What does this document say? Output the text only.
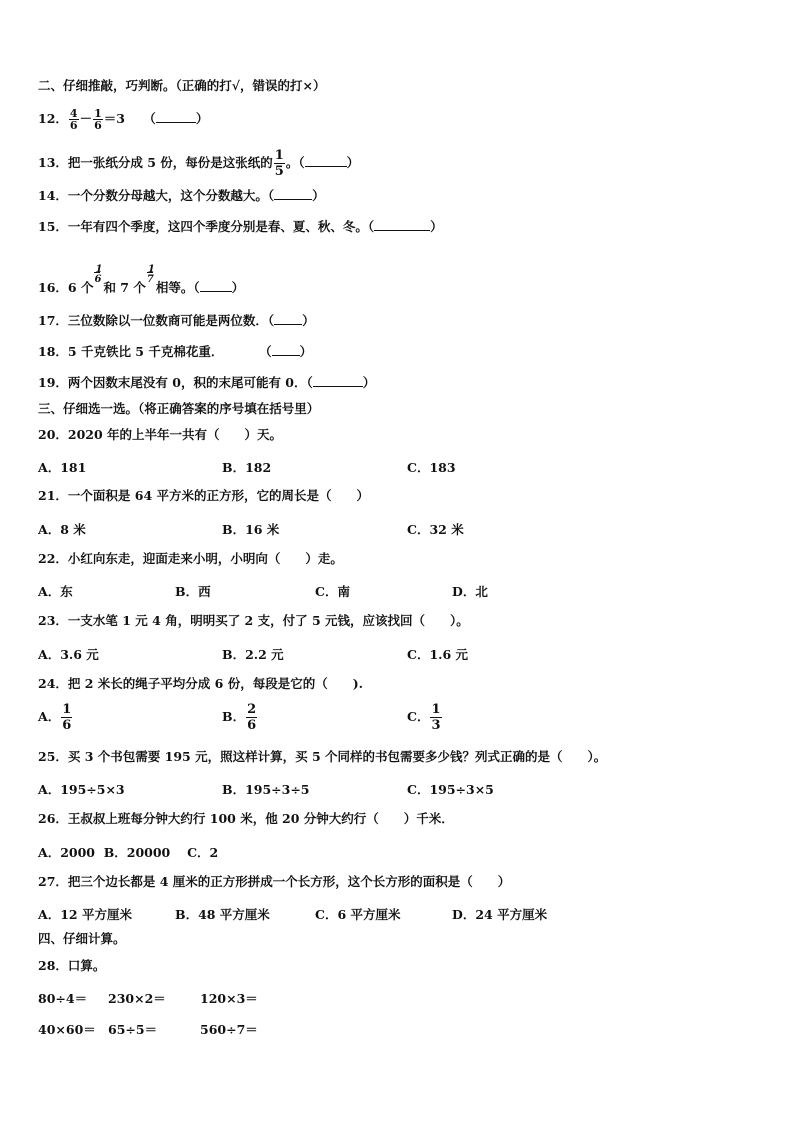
二、仔细推敲，巧判断。（正确的打√，错误的打×）
12． $\frac{4}{6} - \frac{1}{6} =3$ （	）
13．把一张纸分成 5 份，每份是这张纸的 $\frac{1}{5}$ 。（	）
14．一个分数分母越大，这个分数越大。（	）
15．一年有四个季度，这四个季度分别是春、夏、秋、冬。（	）
16．6 个
1
6
和 7 个
1
7
相等。（	）
17．三位数除以一位数商可能是两位数．（ ）
18．5 千克铁比 5 千克棉花重．	（ ）
19．两个因数末尾没有 0，积的末尾可能有 0．（	）
三、仔细选一选。（将正确答案的序号填在括号里）
20．2020 年的上半年一共有（　　）天。
A．181	B．182	C．183
21．一个面积是 64 平方米的正方形，它的周长是（　　）
A．8 米	B．16 米	C．32 米
22．小红向东走，迎面走来小明，小明向（　　）走。
A．东	B．西	C．南	D．北
23．一支水笔 1 元 4 角，明明买了 2 支，付了 5 元钱，应该找回（　　）。
A．3.6 元	B．2.2 元	C．1.6 元
24．把 2 米长的绳子平均分成 6 份，每段是它的（　　).
A． $\frac{1}{6}$	B． $\frac{2}{6}$	C． $\frac{1}{3}$
25．买 3 个书包需要 195 元，照这样计算，买 5 个同样的书包需要多少钱？列式正确的是（　　）。
A．195÷5×3	B．195÷3÷5	C．195÷3×5
26．王叔叔上班每分钟大约行 100 米，他 20 分钟大约行（　　）千米．
A．2000  B．20000　 C．2
27．把三个边长都是 4 厘米的正方形拼成一个长方形，这个长方形的面积是（　　）
A．12 平方厘米	B．48 平方厘米	C．6 平方厘米	D．24 平方厘米
四、仔细计算。
28．口算。
80÷4＝ 230×2＝	120×3＝
40×60＝ 65÷5＝	560÷7＝
